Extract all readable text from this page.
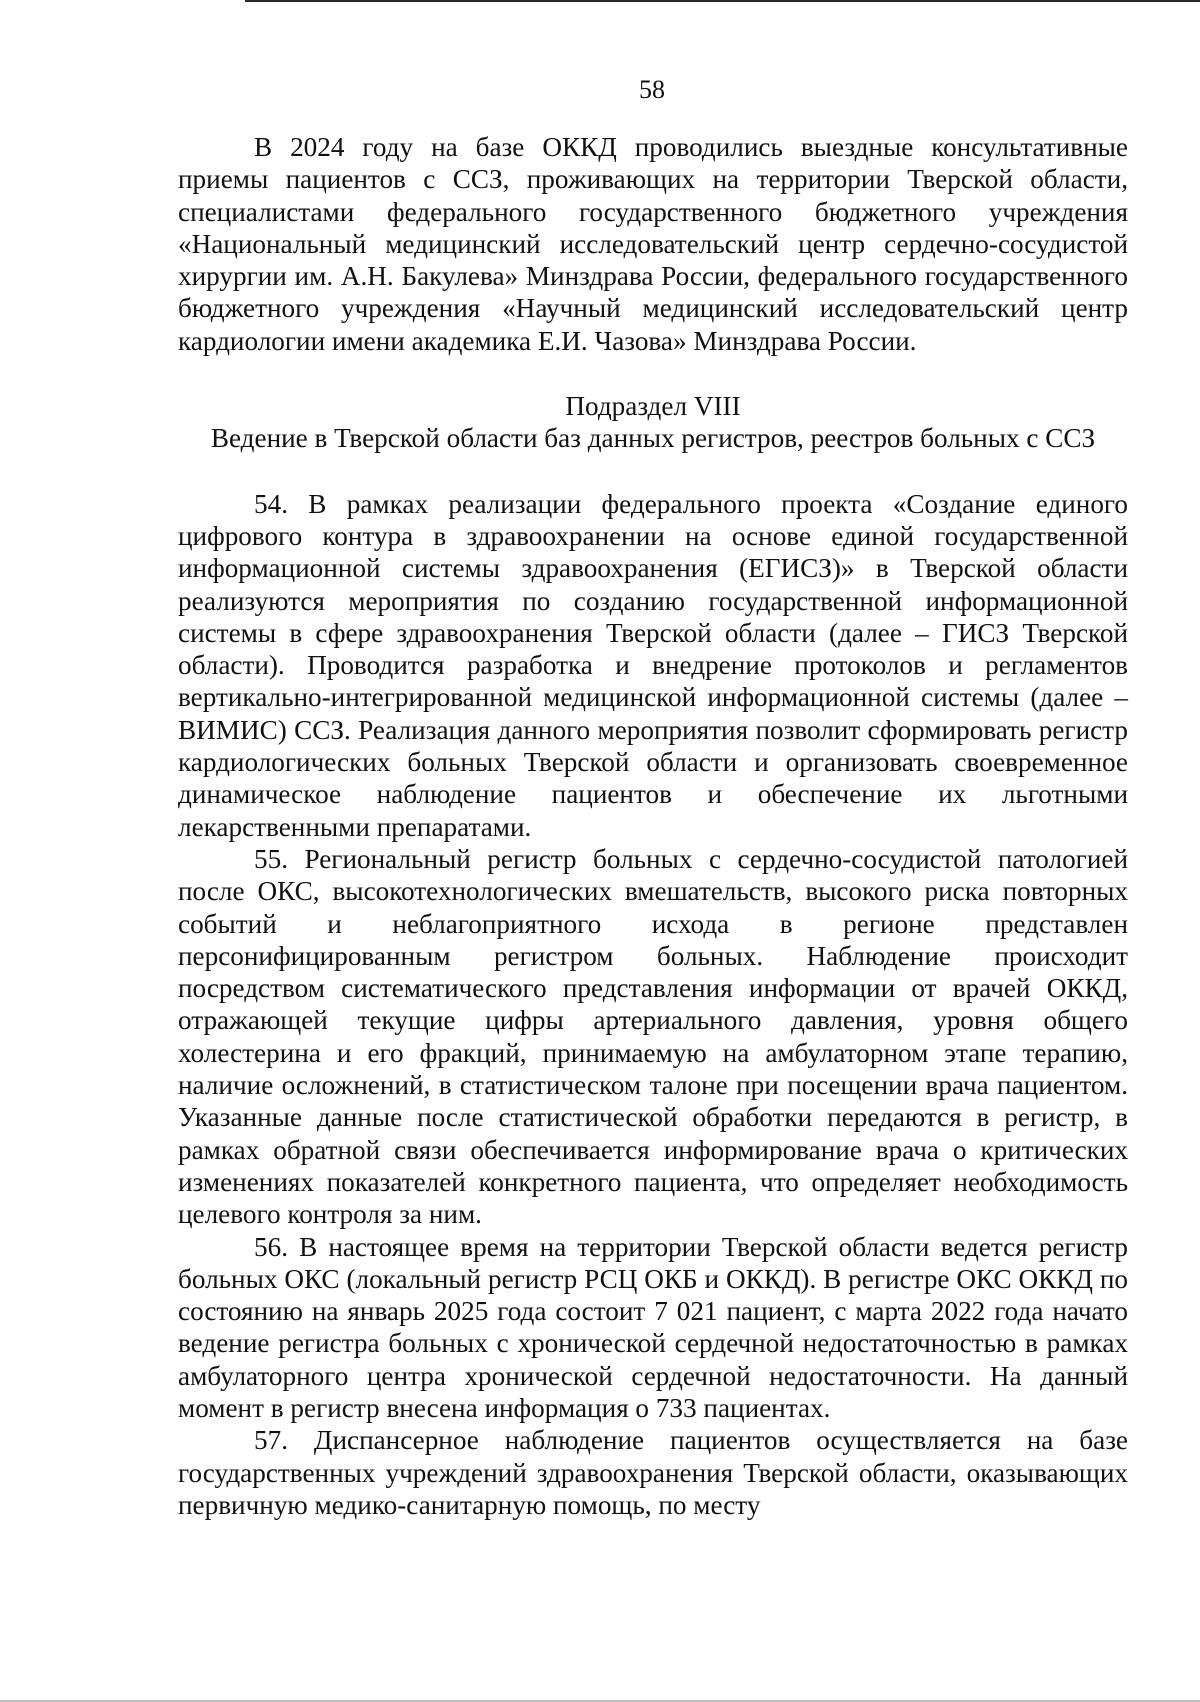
58

В 2024 году на базе ОККД проводились выездные консультативные приемы пациентов с ССЗ, проживающих на территории Тверской области, специалистами федерального государственного бюджетного учреждения «Национальный медицинский исследовательский центр сердечно-сосудистой хирургии им. А.Н. Бакулева» Минздрава России, федерального государственного бюджетного учреждения «Научный медицинский исследовательский центр кардиологии имени академика Е.И. Чазова» Минздрава России.

Подраздел VIII

Ведение в Тверской области баз данных регистров, реестров больных с ССЗ

54. В рамках реализации федерального проекта «Создание единого цифрового контура в здравоохранении на основе единой государственной информационной системы здравоохранения (ЕГИСЗ)» в Тверской области реализуются мероприятия по созданию государственной информационной системы в сфере здравоохранения Тверской области (далее – ГИСЗ Тверской области). Проводится разработка и внедрение протоколов и регламентов вертикально-интегрированной медицинской информационной системы (далее – ВИМИС) ССЗ. Реализация данного мероприятия позволит сформировать регистр кардиологических больных Тверской области и организовать своевременное динамическое наблюдение пациентов и обеспечение их льготными лекарственными препаратами.

55. Региональный регистр больных с сердечно-сосудистой патологией после ОКС, высокотехнологических вмешательств, высокого риска повторных событий и неблагоприятного исхода в регионе представлен персонифицированным регистром больных. Наблюдение происходит посредством систематического представления информации от врачей ОККД, отражающей текущие цифры артериального давления, уровня общего холестерина и его фракций, принимаемую на амбулаторном этапе терапию, наличие осложнений, в статистическом талоне при посещении врача пациентом. Указанные данные после статистической обработки передаются в регистр, в рамках обратной связи обеспечивается информирование врача о критических изменениях показателей конкретного пациента, что определяет необходимость целевого контроля за ним.

56. В настоящее время на территории Тверской области ведется регистр больных ОКС (локальный регистр РСЦ ОКБ и ОККД). В регистре ОКС ОККД по состоянию на январь 2025 года состоит 7 021 пациент, с марта 2022 года начато ведение регистра больных с хронической сердечной недостаточностью в рамках амбулаторного центра хронической сердечной недостаточности. На данный момент в регистр внесена информация о 733 пациентах.

57. Диспансерное наблюдение пациентов осуществляется на базе государственных учреждений здравоохранения Тверской области, оказывающих первичную медико-санитарную помощь, по месту
